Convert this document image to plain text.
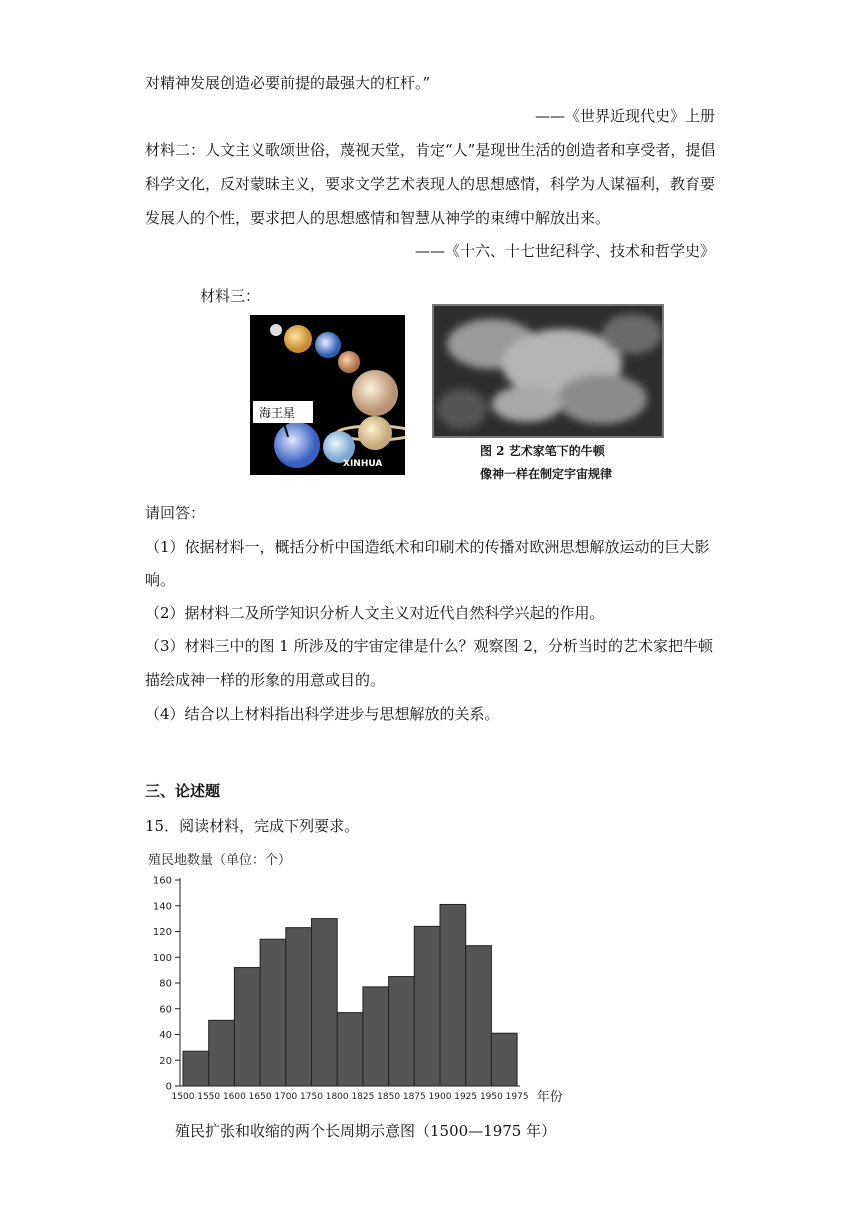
对精神发展创造必要前提的最强大的杠杆。”
——《世界近现代史》上册
材料二：人文主义歌颂世俗，蔑视天堂，肯定“人”是现世生活的创造者和享受者，提倡
科学文化，反对蒙昧主义，要求文学艺术表现人的思想感情，科学为人谋福利，教育要
发展人的个性，要求把人的思想感情和智慧从神学的束缚中解放出来。
——《十六、十七世纪科学、技术和哲学史》
材料三：
海王星
XINHUA
图 2 艺术家笔下的牛顿
像神一样在制定宇宙规律
请回答：
（1）依据材料一，概括分析中国造纸术和印刷术的传播对欧洲思想解放运动的巨大影
响。
（2）据材料二及所学知识分析人文主义对近代自然科学兴起的作用。
（3）材料三中的图 1 所涉及的宇宙定律是什么？观察图 2，分析当时的艺术家把牛顿
描绘成神一样的形象的用意或目的。
（4）结合以上材料指出科学进步与思想解放的关系。
三、论述题
15．阅读材料，完成下列要求。
殖民地数量（单位：个）
0
20
40
60
80
100
120
140
160
1500 1550 1600 1650 1700 1750 1800 1825 1850 1875 1900 1925 1950 1975 年份
殖民扩张和收缩的两个长周期示意图（1500—1975 年）
